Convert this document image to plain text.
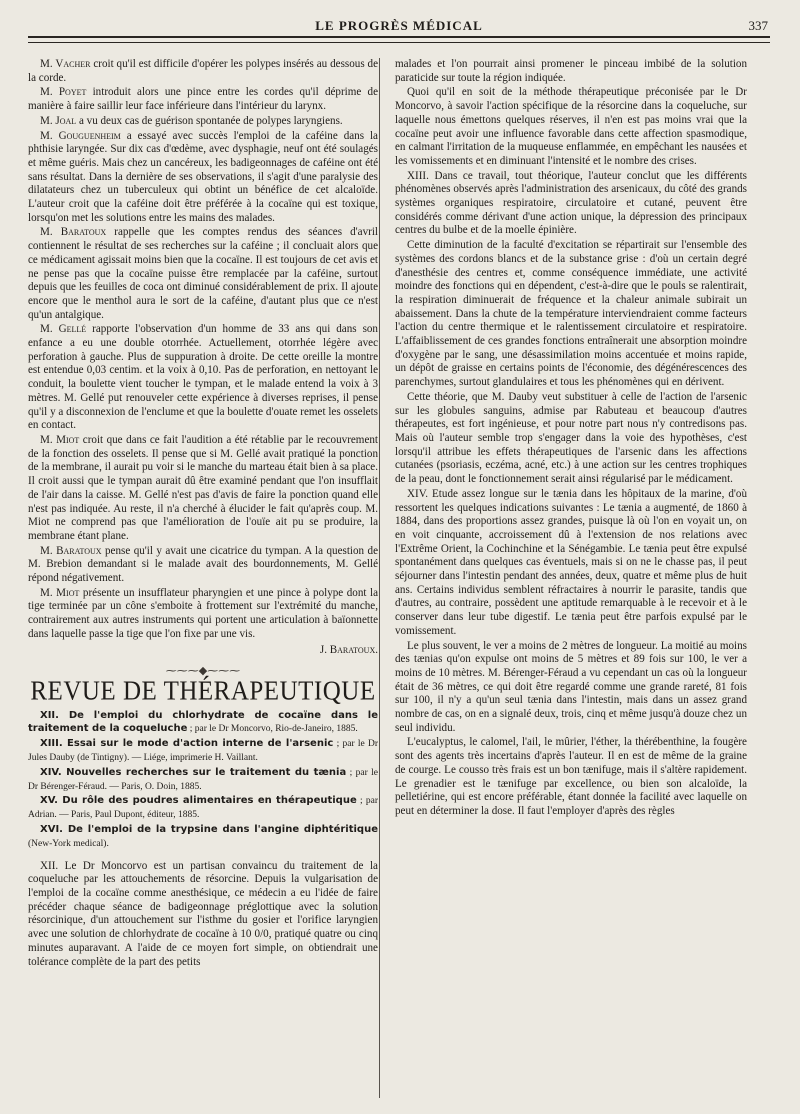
LE PROGRÈS MÉDICAL	337

M. Vacher croit qu'il est difficile d'opérer les polypes insérés au dessous de la corde.

M. Poyet introduit alors une pince entre les cordes qu'il déprime de manière à faire saillir leur face inférieure dans l'intérieur du larynx.

M. Joal a vu deux cas de guérison spontanée de polypes laryngiens.

M. Gouguenheim a essayé avec succès l'emploi de la caféine dans la phthisie laryngée. Sur dix cas d'œdème, avec dysphagie, neuf ont été soulagés et même guéris. Mais chez un cancéreux, les badigeonnages de caféine ont été sans résultat. Dans la dernière de ses observations, il s'agit d'une paralysie des dilatateurs chez un tuberculeux qui obtint un bénéfice de cet alcaloïde. L'auteur croit que la caféine doit être préférée à la cocaïne qui est toxique, lorsqu'on met les solutions entre les mains des malades.

M. Baratoux rappelle que les comptes rendus des séances d'avril contiennent le résultat de ses recherches sur la caféine ; il concluait alors que ce médicament agissait moins bien que la cocaïne. Il est toujours de cet avis et ne pense pas que la cocaïne puisse être remplacée par la caféine, surtout depuis que les feuilles de coca ont diminué considérablement de prix. Il ajoute encore que le menthol aura le sort de la caféine, d'autant plus que ce n'est qu'un antalgique.

M. Gellé rapporte l'observation d'un homme de 33 ans qui dans son enfance a eu une double otorrhée. Actuellement, otorrhée légère avec perforation à gauche. Plus de suppuration à droite. De cette oreille la montre est entendue 0,03 centim. et la voix à 0,10. Pas de perforation, en nettoyant le conduit, la boulette vient toucher le tympan, et le malade entend la voix à 3 mètres. M. Gellé put renouveler cette expérience à diverses reprises, il pense qu'il y a disconnexion de l'enclume et que la boulette d'ouate remet les osselets en contact.

M. Miot croit que dans ce fait l'audition a été rétablie par le recouvrement de la fonction des osselets. Il pense que si M. Gellé avait pratiqué la ponction de la membrane, il aurait pu voir si le manche du marteau était bien à sa place. Il croit aussi que le tympan aurait dû être examiné pendant que l'on insufflait de l'air dans la caisse. M. Gellé n'est pas d'avis de faire la ponction quand elle n'est pas indiquée. Au reste, il n'a cherché à élucider le fait qu'après coup. M. Miot ne comprend pas que l'amélioration de l'ouïe ait pu se produire, la membrane étant plane.

M. Baratoux pense qu'il y avait une cicatrice du tympan. A la question de M. Brebion demandant si le malade avait des bourdonnements, M. Gellé répond négativement.

M. Miot présente un insufflateur pharyngien et une pince à polype dont la tige terminée par un cône s'emboite à frottement sur l'extrémité du manche, contrairement aux autres instruments qui portent une articulation à baïonnette dans laquelle passe la tige que l'on fixe par une vis.

J. Baratoux.
⁓⁓⁓◆⁓⁓⁓
REVUE DE THÉRAPEUTIQUE

XII. De l'emploi du chlorhydrate de cocaïne dans le traitement de la coqueluche ; par le Dr Moncorvo, Rio-de-Janeiro, 1885.

XIII. Essai sur le mode d'action interne de l'arsenic ; par le Dr Jules Dauby (de Tintigny). — Liége, imprimerie H. Vaillant.

XIV. Nouvelles recherches sur le traitement du tænia ; par le Dr Bérenger-Féraud. — Paris, O. Doin, 1885.

XV. Du rôle des poudres alimentaires en thérapeutique ; par Adrian. — Paris, Paul Dupont, éditeur, 1885.

XVI. De l'emploi de la trypsine dans l'angine diphtéritique (New-York medical).

XII. Le Dr Moncorvo est un partisan convaincu du traitement de la coqueluche par les attouchements de résorcine. Depuis la vulgarisation de l'emploi de la cocaïne comme anesthésique, ce médecin a eu l'idée de faire précéder chaque séance de badigeonnage préglottique avec la solution résorcinique, d'un attouchement sur l'isthme du gosier et l'orifice laryngien avec une solution de chlorhydrate de cocaïne à 10 0/0, pratiqué quatre ou cinq minutes auparavant. A l'aide de ce moyen fort simple, on obtiendrait une tolérance complète de la part des petits

malades et l'on pourrait ainsi promener le pinceau imbibé de la solution paraticide sur toute la région indiquée.

Quoi qu'il en soit de la méthode thérapeutique préconisée par le Dr Moncorvo, à savoir l'action spécifique de la résorcine dans la coqueluche, sur laquelle nous émettons quelques réserves, il n'en est pas moins vrai que la cocaïne peut avoir une influence favorable dans cette affection spasmodique, en calmant l'irritation de la muqueuse enflammée, en empêchant les nausées et les vomissements et en diminuant l'intensité et le nombre des crises.

XIII. Dans ce travail, tout théorique, l'auteur conclut que les différents phénomènes observés après l'administration des arsenicaux, du côté des grands systèmes organiques respiratoire, circulatoire et cutané, peuvent être considérés comme dérivant d'une action unique, la dépression des principaux centres du bulbe et de la moelle épinière.

Cette diminution de la faculté d'excitation se répartirait sur l'ensemble des systèmes des cordons blancs et de la substance grise : d'où un certain degré d'anesthésie des centres et, comme conséquence immédiate, une activité moindre des fonctions qui en dépendent, c'est-à-dire que le pouls se ralentirait, la respiration diminuerait de fréquence et la chaleur animale subirait un abaissement. Dans la chute de la température interviendraient comme facteurs l'action du centre thermique et le ralentissement circulatoire et respiratoire. L'affaiblissement de ces grandes fonctions entraînerait une absorption moindre d'oxygène par le sang, une désassimilation moins accentuée et moins rapide, un dépôt de graisse en certains points de l'économie, des dégénérescences des parenchymes, surtout glandulaires et tous les phénomènes qui en dérivent.

Cette théorie, que M. Dauby veut substituer à celle de l'action de l'arsenic sur les globules sanguins, admise par Rabuteau et beaucoup d'autres thérapeutes, est fort ingénieuse, et pour notre part nous n'y contredisons pas. Mais où l'auteur semble trop s'engager dans la voie des hypothèses, c'est lorsqu'il attribue les effets thérapeutiques de l'arsenic dans les affections cutanées (psoriasis, eczéma, acné, etc.) à une action sur les centres trophiques de la peau, dont le fonctionnement serait ainsi régularisé par le médicament.

XIV. Etude assez longue sur le tænia dans les hôpitaux de la marine, d'où ressortent les quelques indications suivantes : Le tænia a augmenté, de 1860 à 1884, dans des proportions assez grandes, puisque là où l'on en voyait un, on en voit cinquante, accroissement dû à l'extension de nos relations avec l'Extrême Orient, la Cochinchine et la Sénégambie. Le tænia peut être expulsé spontanément dans quelques cas éventuels, mais si on ne le chasse pas, il peut séjourner dans l'intestin pendant des années, deux, quatre et même plus de huit ans. Certains individus semblent réfractaires à nourrir le parasite, tandis que d'autres, au contraire, possèdent une aptitude remarquable à le recevoir et à le conserver dans leur tube digestif. Le tænia peut être parfois expulsé par le vomissement.

Le plus souvent, le ver a moins de 2 mètres de longueur. La moitié au moins des tænias qu'on expulse ont moins de 5 mètres et 89 fois sur 100, le ver a moins de 10 mètres. M. Bérenger-Féraud a vu cependant un cas où la longueur était de 36 mètres, ce qui doit être regardé comme une grande rareté, 81 fois sur 100, il n'y a qu'un seul tænia dans l'intestin, mais dans un assez grand nombre de cas, on en a signalé deux, trois, cinq et même jusqu'à douze chez un seul individu.

L'eucalyptus, le calomel, l'ail, le mûrier, l'éther, la thérébenthine, la fougère sont des agents très incertains d'après l'auteur. Il en est de même de la graine de courge. Le cousso très frais est un bon tænifuge, mais il s'altère rapidement. Le grenadier est le tænifuge par excellence, ou bien son alcaloïde, la pelletiérine, qui est encore préférable, étant donnée la facilité avec laquelle on peut en déterminer la dose. Il faut l'employer d'après des règles
